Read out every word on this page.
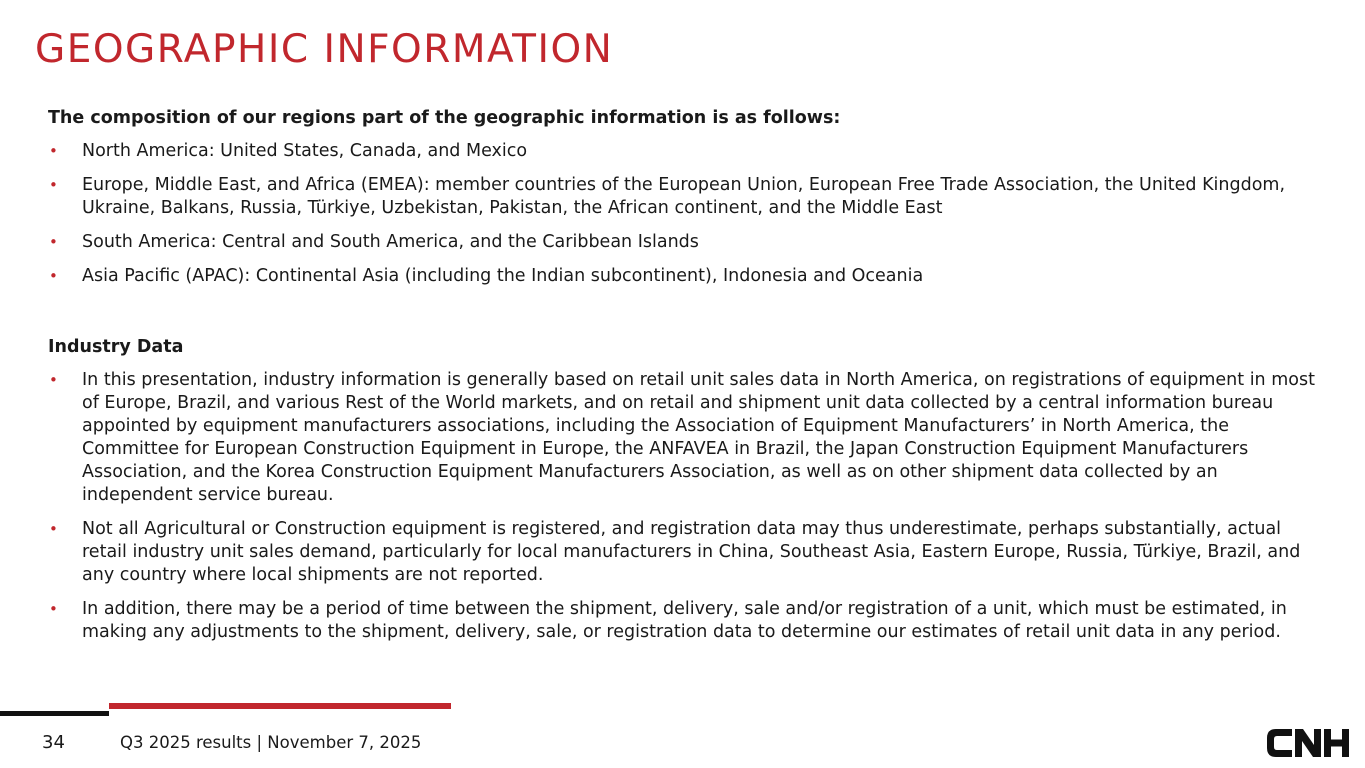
GEOGRAPHIC INFORMATION

The composition of our regions part of the geographic information is as follows:

• North America: United States, Canada, and Mexico
• Europe, Middle East, and Africa (EMEA): member countries of the European Union, European Free Trade Association, the United Kingdom, Ukraine, Balkans, Russia, Türkiye, Uzbekistan, Pakistan, the African continent, and the Middle East
• South America: Central and South America, and the Caribbean Islands
• Asia Pacific (APAC): Continental Asia (including the Indian subcontinent), Indonesia and Oceania

Industry Data

• In this presentation, industry information is generally based on retail unit sales data in North America, on registrations of equipment in most of Europe, Brazil, and various Rest of the World markets, and on retail and shipment unit data collected by a central information bureau appointed by equipment manufacturers associations, including the Association of Equipment Manufacturers’ in North America, the Committee for European Construction Equipment in Europe, the ANFAVEA in Brazil, the Japan Construction Equipment Manufacturers Association, and the Korea Construction Equipment Manufacturers Association, as well as on other shipment data collected by an independent service bureau.
• Not all Agricultural or Construction equipment is registered, and registration data may thus underestimate, perhaps substantially, actual retail industry unit sales demand, particularly for local manufacturers in China, Southeast Asia, Eastern Europe, Russia, Türkiye, Brazil, and any country where local shipments are not reported.
• In addition, there may be a period of time between the shipment, delivery, sale and/or registration of a unit, which must be estimated, in making any adjustments to the shipment, delivery, sale, or registration data to determine our estimates of retail unit data in any period.
34	Q3 2025 results | November 7, 2025
